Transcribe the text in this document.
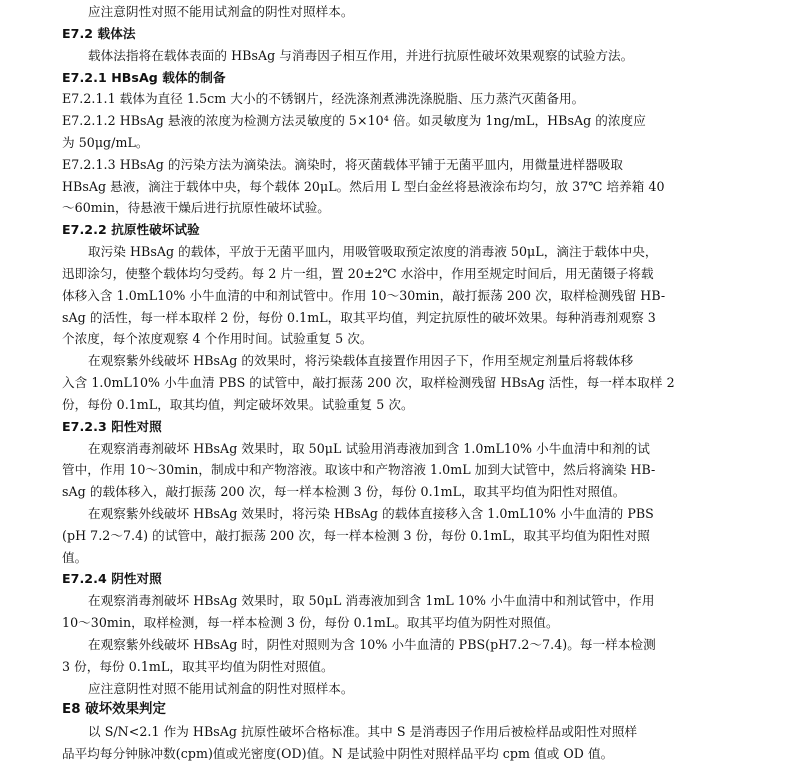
应注意阴性对照不能用试剂盒的阴性对照样本。
E7.2 载体法
载体法指将在载体表面的 HBsAg 与消毒因子相互作用，并进行抗原性破坏效果观察的试验方法。
E7.2.1 HBsAg 载体的制备
E7.2.1.1 载体为直径 1.5cm 大小的不锈钢片，经洗涤剂煮沸洗涤脱脂、压力蒸汽灭菌备用。
E7.2.1.2 HBsAg 悬液的浓度为检测方法灵敏度的 5×10⁴ 倍。如灵敏度为 1ng/mL，HBsAg 的浓度应
为 50μg/mL。
E7.2.1.3 HBsAg 的污染方法为滴染法。滴染时，将灭菌载体平铺于无菌平皿内，用微量进样器吸取
HBsAg 悬液，滴注于载体中央，每个载体 20μL。然后用 L 型白金丝将悬液涂布均匀，放 37℃ 培养箱 40
～60min，待悬液干燥后进行抗原性破坏试验。
E7.2.2 抗原性破坏试验
取污染 HBsAg 的载体，平放于无菌平皿内，用吸管吸取预定浓度的消毒液 50μL，滴注于载体中央，
迅即涂匀，使整个载体均匀受药。每 2 片一组，置 20±2℃ 水浴中，作用至规定时间后，用无菌镊子将载
体移入含 1.0mL10% 小牛血清的中和剂试管中。作用 10～30min，敲打振荡 200 次，取样检测残留 HB-
sAg 的活性，每一样本取样 2 份，每份 0.1mL，取其平均值，判定抗原性的破坏效果。每种消毒剂观察 3
个浓度，每个浓度观察 4 个作用时间。试验重复 5 次。
在观察紫外线破坏 HBsAg 的效果时，将污染载体直接置作用因子下，作用至规定剂量后将载体移
入含 1.0mL10% 小牛血清 PBS 的试管中，敲打振荡 200 次，取样检测残留 HBsAg 活性，每一样本取样 2
份，每份 0.1mL，取其均值，判定破坏效果。试验重复 5 次。
E7.2.3 阳性对照
在观察消毒剂破坏 HBsAg 效果时，取 50μL 试验用消毒液加到含 1.0mL10% 小牛血清中和剂的试
管中，作用 10～30min，制成中和产物溶液。取该中和产物溶液 1.0mL 加到大试管中，然后将滴染 HB-
sAg 的载体移入，敲打振荡 200 次，每一样本检测 3 份，每份 0.1mL，取其平均值为阳性对照值。
在观察紫外线破坏 HBsAg 效果时，将污染 HBsAg 的载体直接移入含 1.0mL10% 小牛血清的 PBS
(pH 7.2～7.4) 的试管中，敲打振荡 200 次，每一样本检测 3 份，每份 0.1mL，取其平均值为阳性对照
值。
E7.2.4 阴性对照
在观察消毒剂破坏 HBsAg 效果时，取 50μL 消毒液加到含 1mL 10% 小牛血清中和剂试管中，作用
10～30min，取样检测，每一样本检测 3 份，每份 0.1mL。取其平均值为阴性对照值。
在观察紫外线破坏 HBsAg 时，阴性对照则为含 10% 小牛血清的 PBS(pH7.2～7.4)。每一样本检测
3 份，每份 0.1mL，取其平均值为阴性对照值。
应注意阴性对照不能用试剂盒的阴性对照样本。
E8 破坏效果判定
以 S/N<2.1 作为 HBsAg 抗原性破坏合格标准。其中 S 是消毒因子作用后被检样品或阳性对照样
品平均每分钟脉冲数(cpm)值或光密度(OD)值。N 是试验中阴性对照样品平均 cpm 值或 OD 值。
